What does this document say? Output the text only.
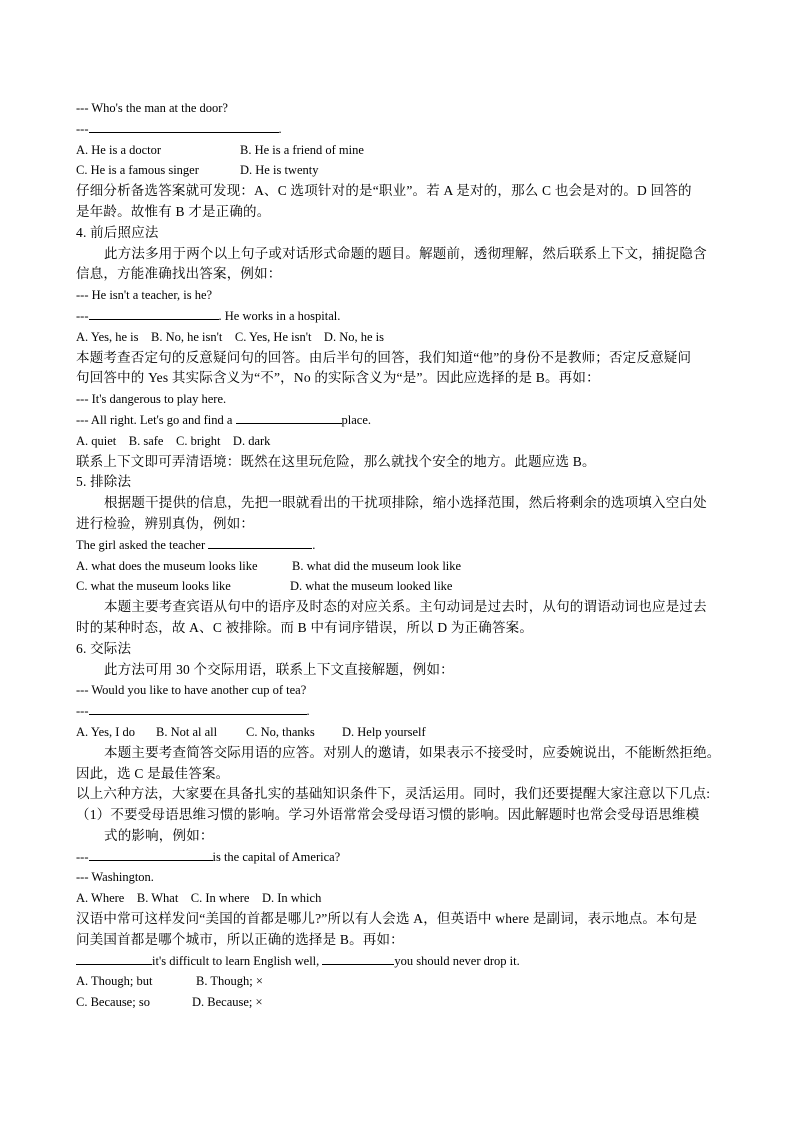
--- Who's the man at the door?
---	.
A. He is a doctor	B. He is a friend of mine
C. He is a famous singer	D. He is twenty
仔细分析备选答案就可发现：A、C 选项针对的是“职业”。若 A 是对的，那么 C 也会是对的。D 回答的
是年龄。故惟有 B 才是正确的。
4. 前后照应法
此方法多用于两个以上句子或对话形式命题的题目。解题前，透彻理解，然后联系上下文，捕捉隐含
信息，方能准确找出答案，例如：
--- He isn't a teacher, is he?
---	. He works in a hospital.
A. Yes, he is    B. No, he isn't    C. Yes, He isn't    D. No, he is
本题考查否定句的反意疑问句的回答。由后半句的回答，我们知道“他”的身份不是教师；否定反意疑问
句回答中的 Yes 其实际含义为“不”，No 的实际含义为“是”。因此应选择的是 B。再如：
--- It's dangerous to play here.
--- All right. Let's go and find a	place.
A. quiet    B. safe    C. bright    D. dark
联系上下文即可弄清语境：既然在这里玩危险，那么就找个安全的地方。此题应选 B。
5. 排除法
根据题干提供的信息，先把一眼就看出的干扰项排除，缩小选择范围，然后将剩余的选项填入空白处
进行检验，辨别真伪，例如：
The girl asked the teacher	.
A. what does the museum looks like	B. what did the museum look like
C. what the museum looks like	D. what the museum looked like
本题主要考查宾语从句中的语序及时态的对应关系。主句动词是过去时，从句的谓语动词也应是过去
时的某种时态，故 A、C 被排除。而 B 中有词序错误，所以 D 为正确答案。
6. 交际法
此方法可用 30 个交际用语，联系上下文直接解题，例如：
--- Would you like to have another cup of tea?
---	.
A. Yes, I do B. Not al all C. No, thanks D. Help yourself
本题主要考查简答交际用语的应答。对别人的邀请，如果表示不接受时，应委婉说出，不能断然拒绝。
因此，选 C 是最佳答案。
以上六种方法，大家要在具备扎实的基础知识条件下，灵活运用。同时，我们还要提醒大家注意以下几点:
（1）不要受母语思维习惯的影响。学习外语常常会受母语习惯的影响。因此解题时也常会受母语思维模
式的影响，例如：
---	is the capital of America?
--- Washington.
A. Where    B. What    C. In where    D. In which
汉语中常可这样发问“美国的首都是哪儿?”所以有人会选 A，但英语中 where 是副词，表示地点。本句是
问美国首都是哪个城市，所以正确的选择是 B。再如：
it's difficult to learn English well,	you should never drop it.
A. Though; but	B. Though; ×
C. Because; so	D. Because; ×
